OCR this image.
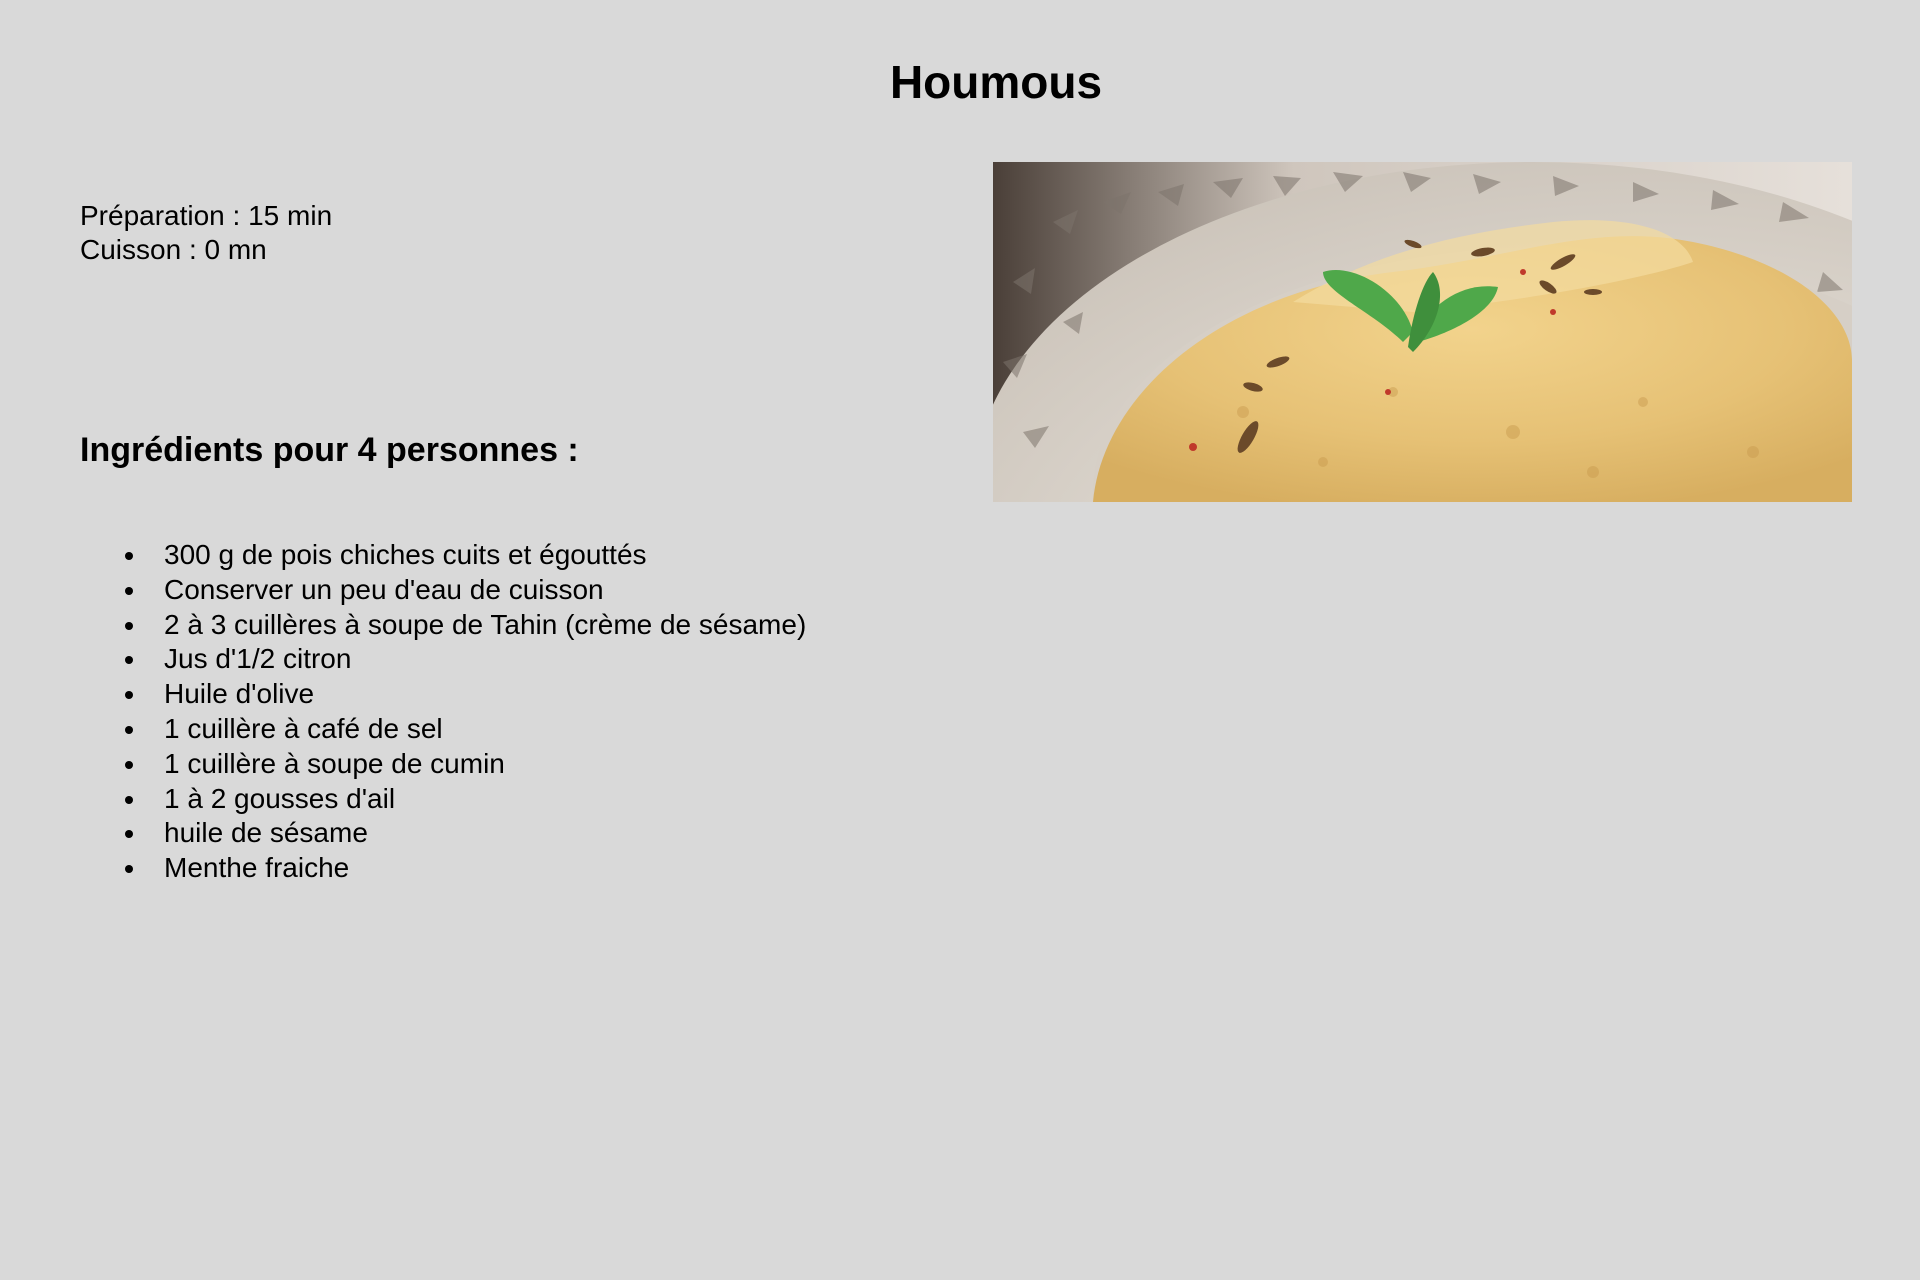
Houmous
Préparation : 15 min
Cuisson : 0 mn
Ingrédients pour 4 personnes :
300 g de pois chiches cuits et égouttés
Conserver un peu d'eau de cuisson
2 à 3 cuillères à soupe de Tahin (crème de sésame)
Jus d'1/2 citron
Huile d'olive
1 cuillère à café de sel
1 cuillère à soupe de cumin
1 à 2 gousses d'ail
huile de sésame
Menthe fraiche
